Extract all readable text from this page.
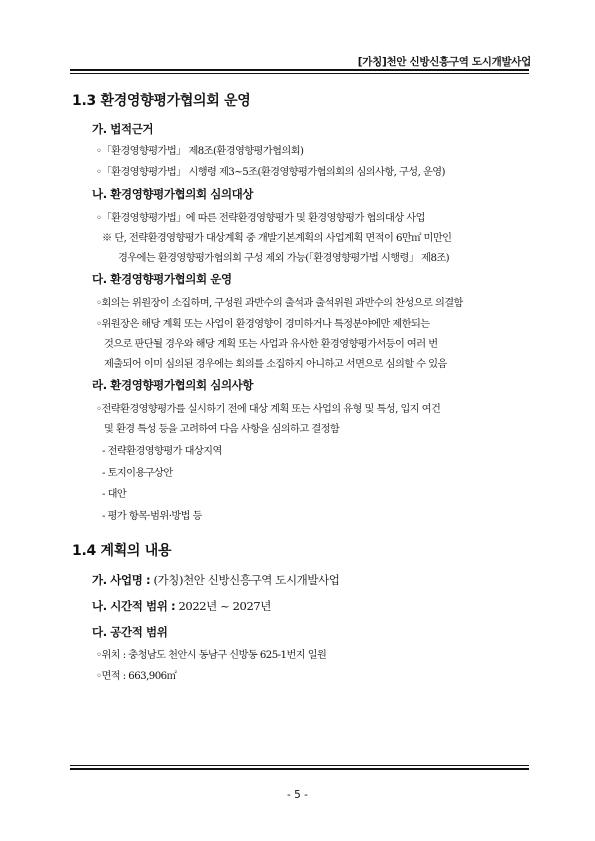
[가칭]천안 신방신흥구역 도시개발사업
1.3 환경영향평가협의회 운영
가. 법적근거
◦「환경영향평가법」 제8조(환경영향평가협의회)
◦「환경영향평가법」 시행령 제3~5조(환경영향평가협의회의 심의사항, 구성, 운영)
나. 환경영향평가협의회 심의대상
◦「환경영향평가법」에 따른 전략환경영향평가 및 환경영향평가 협의대상 사업
※ 단, 전략환경영향평가 대상계획 중 개발기본계획의 사업계획 면적이 6만㎡ 미만인
경우에는 환경영향평가협의회 구성 제외 가능(「환경영향평가법 시행령」 제8조)
다. 환경영향평가협의회 운영
◦회의는 위원장이 소집하며, 구성원 과반수의 출석과 출석위원 과반수의 찬성으로 의결함
◦위원장은 해당 계획 또는 사업이 환경영향이 경미하거나 특정분야에만 제한되는
것으로 판단될 경우와 해당 계획 또는 사업과 유사한 환경영향평가서등이 여러 번
제출되어 이미 심의된 경우에는 회의를 소집하지 아니하고 서면으로 심의할 수 있음
라. 환경영향평가협의회 심의사항
◦전략환경영향평가를 실시하기 전에 대상 계획 또는 사업의 유형 및 특성, 입지 여건
및 환경 특성 등을 고려하여 다음 사항을 심의하고 결정함
- 전략환경영향평가 대상지역
- 토지이용구상안
- 대안
- 평가 항목·범위·방법 등
1.4 계획의 내용
가. 사업명 : (가칭)천안 신방신흥구역 도시개발사업
나. 시간적 범위 : 2022년 ~ 2027년
다. 공간적 범위
◦위치 : 충청남도 천안시 동남구 신방동 625-1번지 일원
◦면적 : 663,906㎡
- 5 -
